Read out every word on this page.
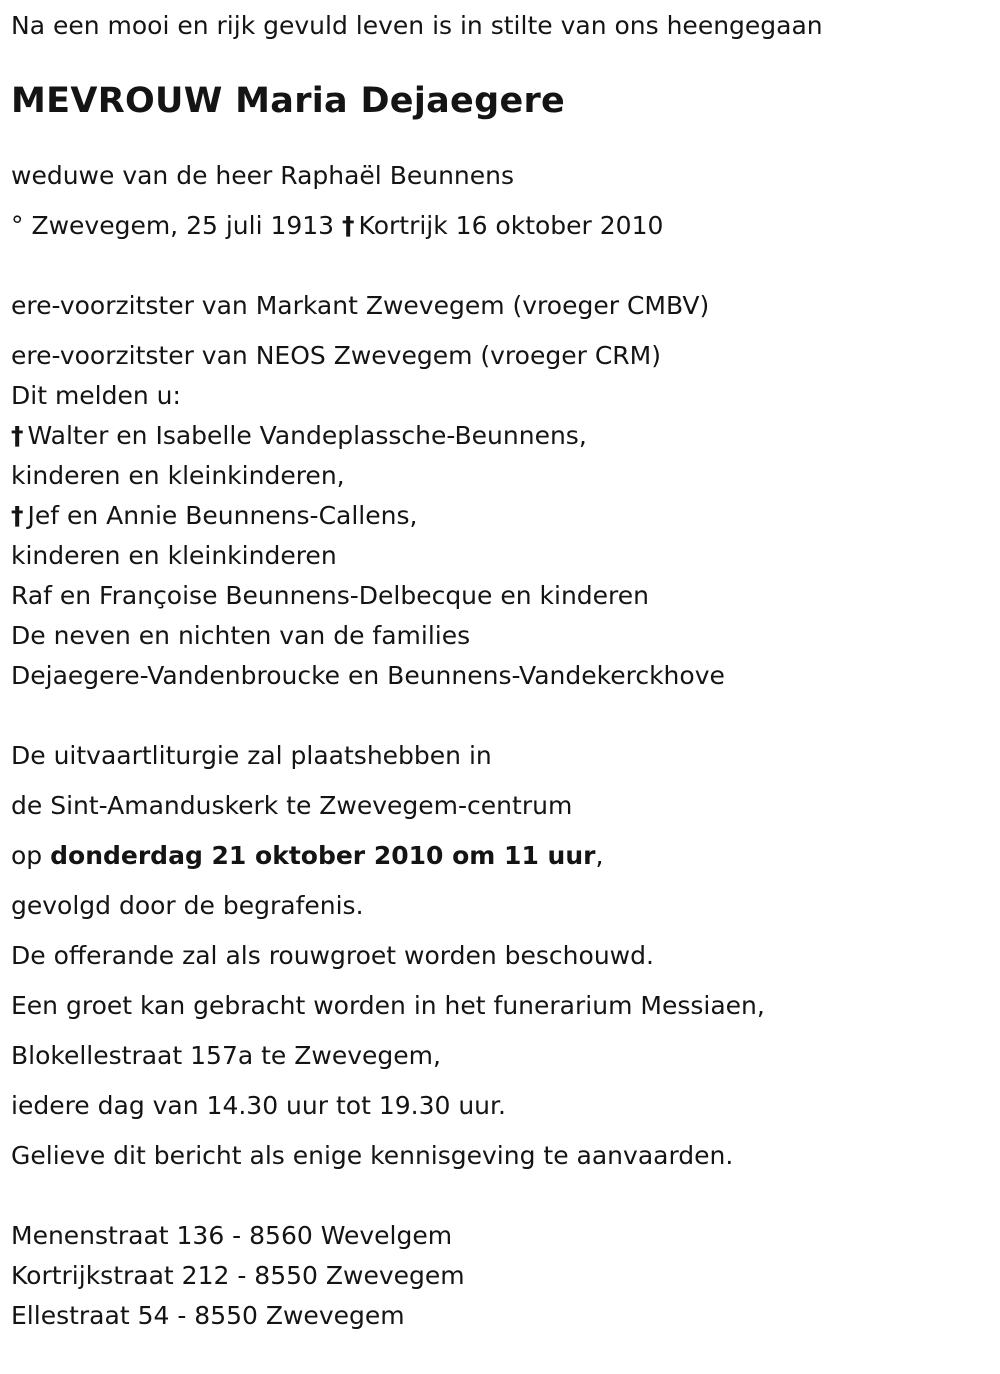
Na een mooi en rijk gevuld leven is in stilte van ons heengegaan

MEVROUW Maria Dejaegere

weduwe van de heer Raphaël Beunnens

° Zwevegem, 25 juli 1913 † Kortrijk 16 oktober 2010

ere-voorzitster van Markant Zwevegem (vroeger CMBV)

ere-voorzitster van NEOS Zwevegem (vroeger CRM)

Dit melden u:

† Walter en Isabelle Vandeplassche-Beunnens,

kinderen en kleinkinderen,

† Jef en Annie Beunnens-Callens,

kinderen en kleinkinderen

Raf en Françoise Beunnens-Delbecque en kinderen

De neven en nichten van de families

Dejaegere-Vandenbroucke en Beunnens-Vandekerckhove

De uitvaartliturgie zal plaatshebben in

de Sint-Amanduskerk te Zwevegem-centrum

op donderdag 21 oktober 2010 om 11 uur,

gevolgd door de begrafenis.

De offerande zal als rouwgroet worden beschouwd.

Een groet kan gebracht worden in het funerarium Messiaen,

Blokellestraat 157a te Zwevegem,

iedere dag van 14.30 uur tot 19.30 uur.

Gelieve dit bericht als enige kennisgeving te aanvaarden.

Menenstraat 136 - 8560 Wevelgem

Kortrijkstraat 212 - 8550 Zwevegem

Ellestraat 54 - 8550 Zwevegem
